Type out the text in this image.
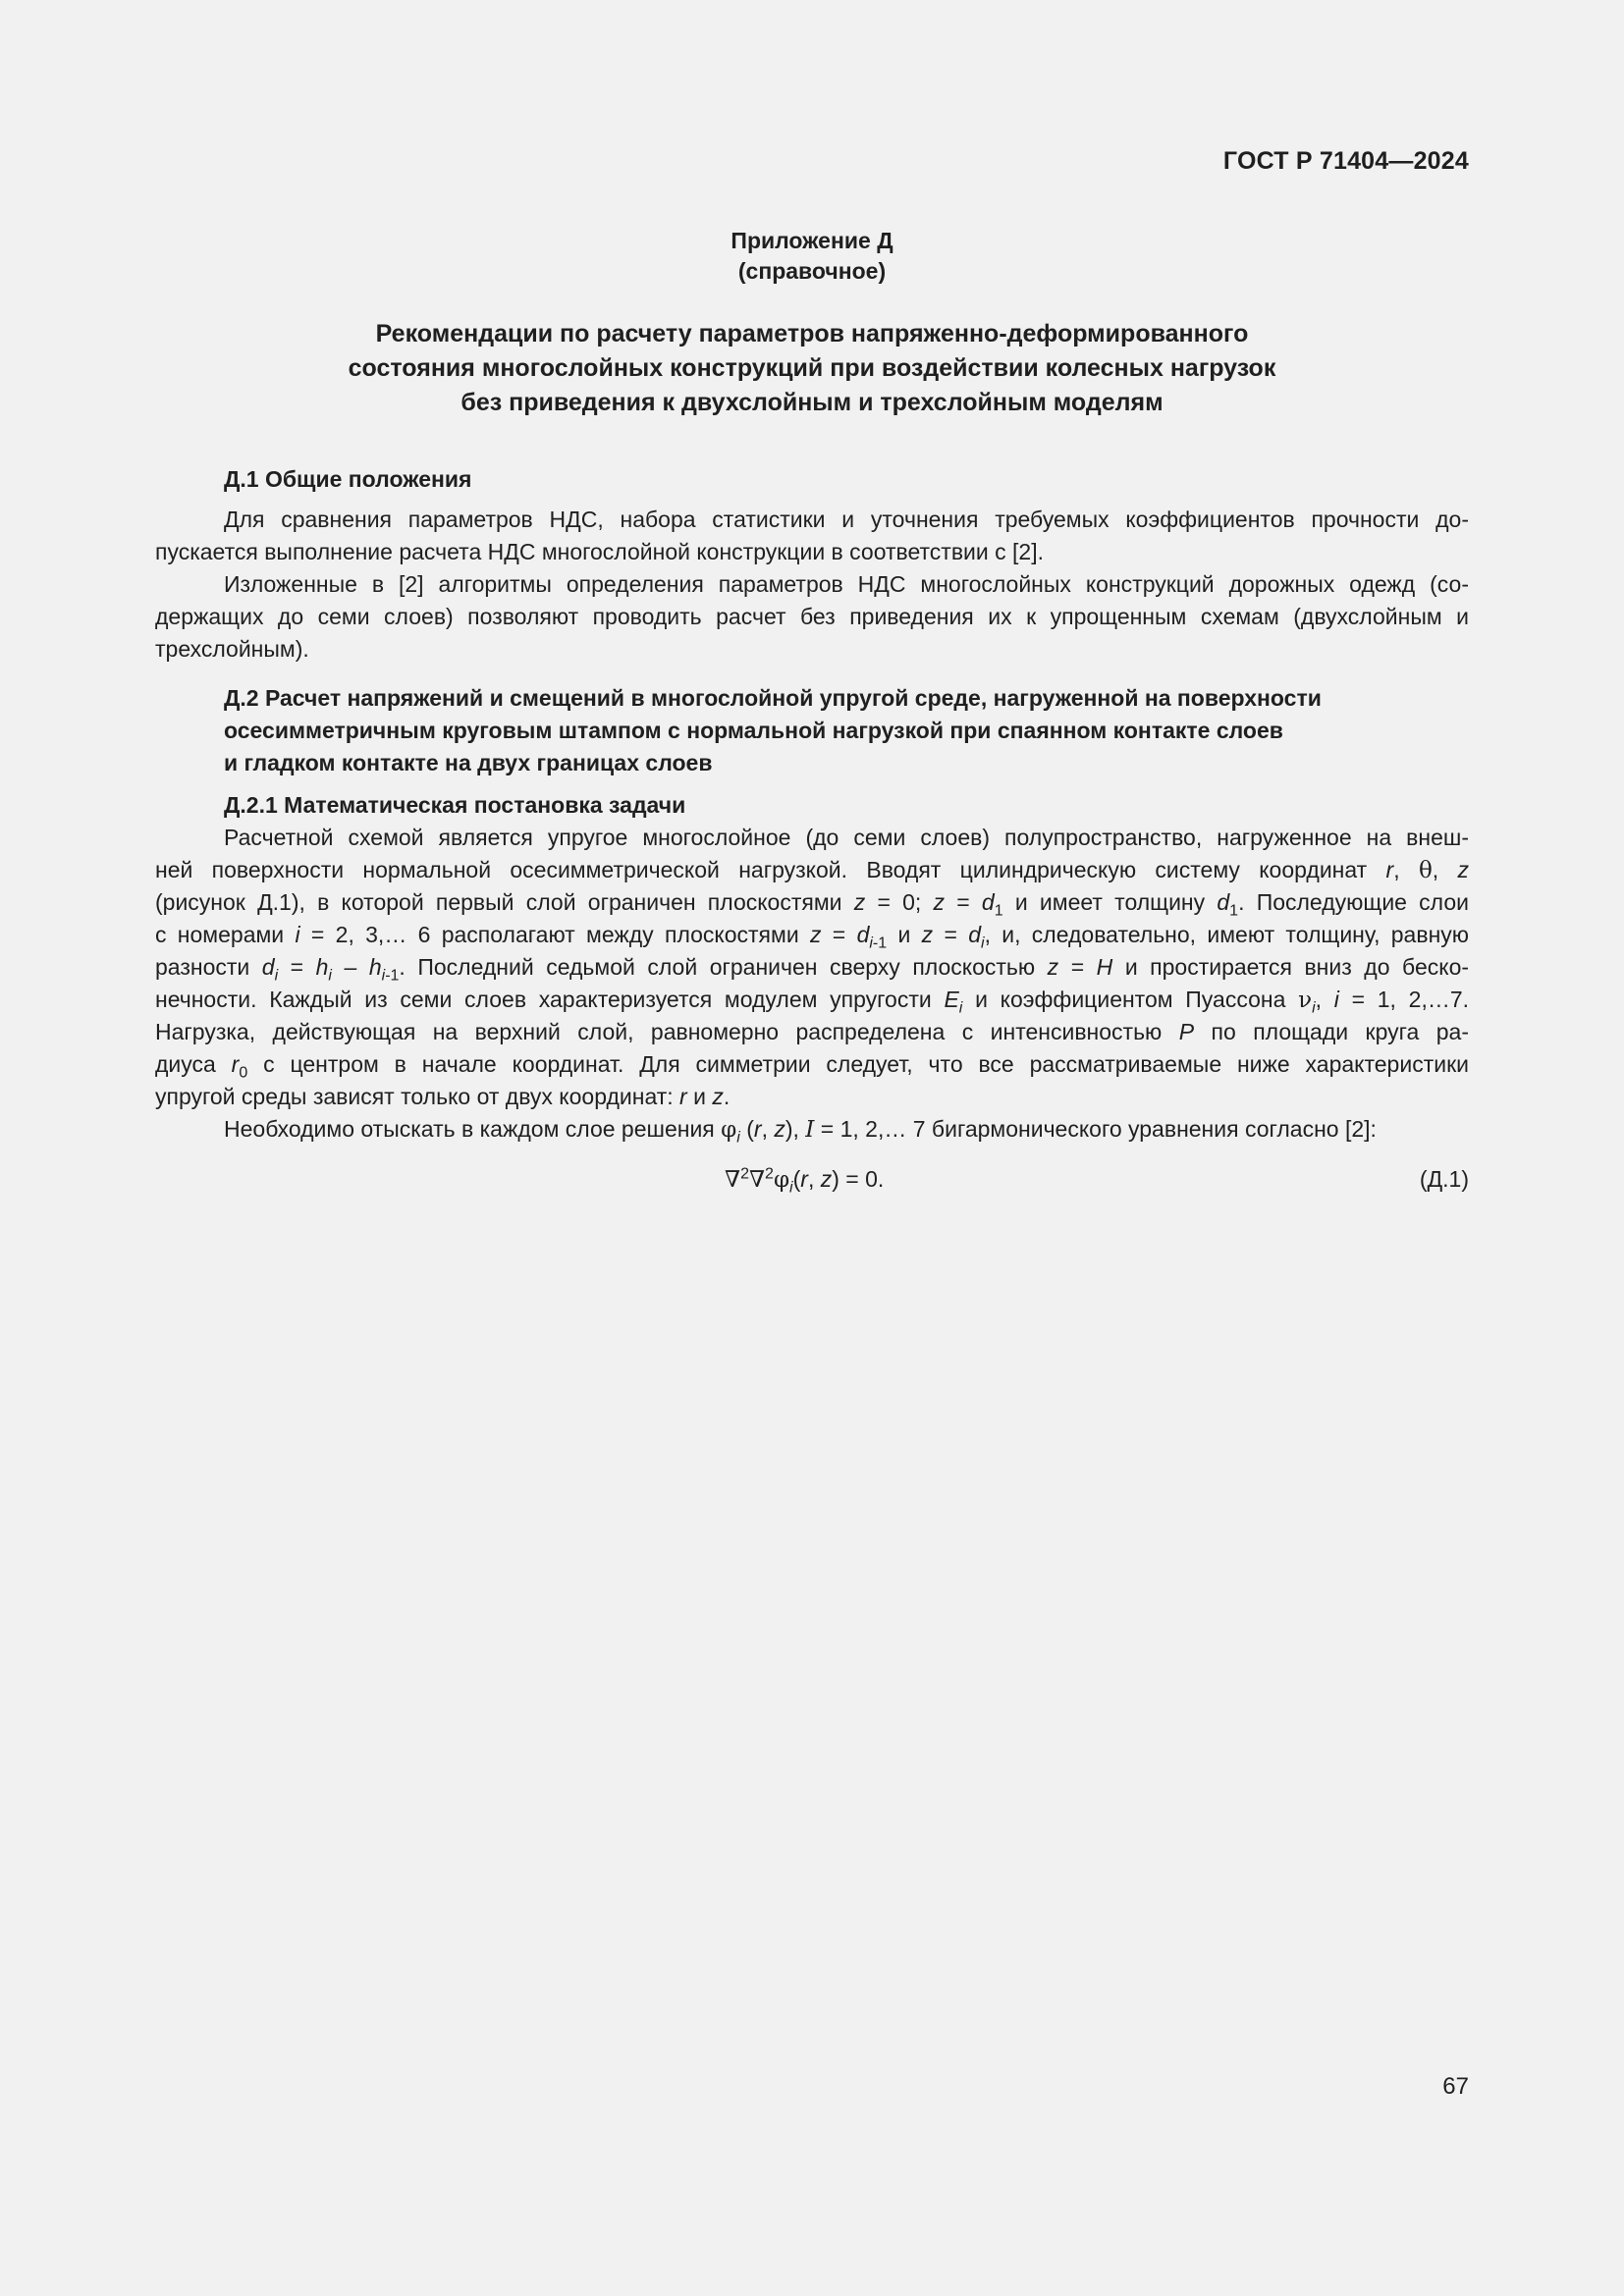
ГОСТ Р 71404—2024
Приложение Д
(справочное)
Рекомендации по расчету параметров напряженно-деформированного
состояния многослойных конструкций при воздействии колесных нагрузок
без приведения к двухслойным и трехслойным моделям
Д.1 Общие положения
Для сравнения параметров НДС, набора статистики и уточнения требуемых коэффициентов прочности до-
пускается выполнение расчета НДС многослойной конструкции в соответствии с [2].
Изложенные в [2] алгоритмы определения параметров НДС многослойных конструкций дорожных одежд (со-
держащих до семи слоев) позволяют проводить расчет без приведения их к упрощенным схемам (двухслойным и
трехслойным).
Д.2 Расчет напряжений и смещений в многослойной упругой среде, нагруженной на поверхности
осесимметричным круговым штампом с нормальной нагрузкой при спаянном контакте слоев
и гладком контакте на двух границах слоев
Д.2.1 Математическая постановка задачи
Расчетной схемой является упругое многослойное (до семи слоев) полупространство, нагруженное на внеш-
ней поверхности нормальной осесимметрической нагрузкой. Вводят цилиндрическую систему координат r, θ, z
(рисунок Д.1), в которой первый слой ограничен плоскостями z = 0; $z = d_1$ и имеет толщину $d_1$. Последующие слои
с номерами i = 2, 3,… 6 располагают между плоскостями $z = d_{i-1}$ и $z = d_i$, и, следовательно, имеют толщину, равную
разности $d_i = h_i - h_{i-1}$. Последний седьмой слой ограничен сверху плоскостью z = H и простирается вниз до беско-
нечности. Каждый из семи слоев характеризуется модулем упругости $E_i$ и коэффициентом Пуассона $\nu_i$, i = 1, 2,…7.
Нагрузка, действующая на верхний слой, равномерно распределена с интенсивностью P по площади круга ра-
диуса $r_0$ с центром в начале координат. Для симметрии следует, что все рассматриваемые ниже характеристики
упругой среды зависят только от двух координат: r и z.
Необходимо отыскать в каждом слое решения $\varphi_i$ (r, z), I = 1, 2,… 7 бигармонического уравнения согласно [2]:
$\nabla^2\nabla^2\varphi_i(r$, z) = 0.	(Д.1)
67
